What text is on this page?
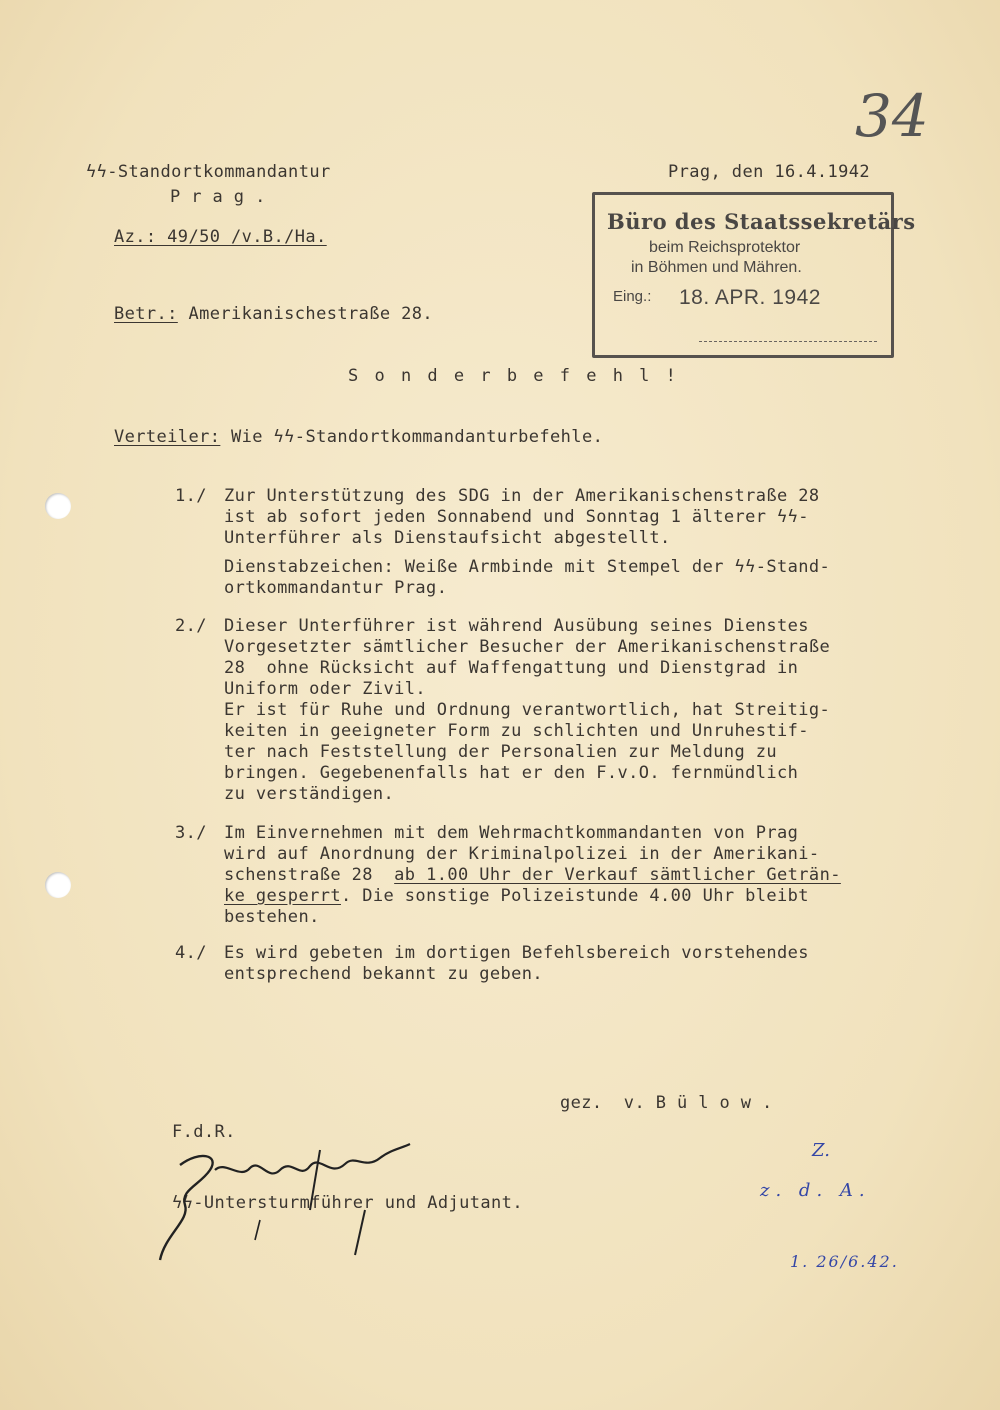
34
ϟϟ-Standortkommandantur
P r a g .
Prag, den 16.4.1942
Az.: 49/50 /v.B./Ha.
Betr.: Amerikanischestraße 28.
Büro des Staatssekretärs
beim Reichsprotektor
in Böhmen und Mähren.
Eing.: 18. APR. 1942
S o n d e r b e f e h l !
Verteiler: Wie ϟϟ-Standortkommandanturbefehle.
1./ Zur Unterstützung des SDG in der Amerikanischenstraße 28
ist ab sofort jeden Sonnabend und Sonntag 1 älterer ϟϟ-
Unterführer als Dienstaufsicht abgestellt.
Dienstabzeichen: Weiße Armbinde mit Stempel der ϟϟ-Stand-
ortkommandantur Prag.
2./ Dieser Unterführer ist während Ausübung seines Dienstes
Vorgesetzter sämtlicher Besucher der Amerikanischenstraße
28  ohne Rücksicht auf Waffengattung und Dienstgrad in
Uniform oder Zivil.
Er ist für Ruhe und Ordnung verantwortlich, hat Streitig-
keiten in geeigneter Form zu schlichten und Unruhestif-
ter nach Feststellung der Personalien zur Meldung zu
bringen. Gegebenenfalls hat er den F.v.O. fernmündlich
zu verständigen.
3./ Im Einvernehmen mit dem Wehrmachtkommandanten von Prag
wird auf Anordnung der Kriminalpolizei in der Amerikani-
schenstraße 28  ab 1.00 Uhr der Verkauf sämtlicher Geträn-
ke gesperrt. Die sonstige Polizeistunde 4.00 Uhr bleibt
bestehen.
4./ Es wird gebeten im dortigen Befehlsbereich vorstehendes
entsprechend bekannt zu geben.
gez.  v. B ü l o w .
F.d.R.
ϟϟ-Untersturmführer und Adjutant.
Z.
z. d. A.
1. 26/6.42.
